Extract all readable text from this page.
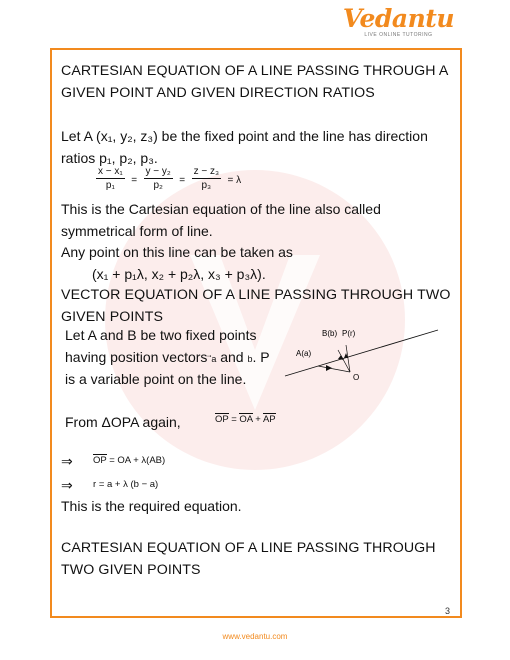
Vedantu
LIVE ONLINE TUTORING
CARTESIAN EQUATION OF A LINE PASSING THROUGH A GIVEN POINT AND GIVEN DIRECTION RATIOS
Let A (x₁, y₂, z₃) be the fixed point and the line has direction ratios p₁, p₂, p₃.
$\frac{\text{x − x₁}}{\text{p₁}} = \frac{\text{y − y₂}}{\text{p₂}} = \frac{\text{z − z₃}}{\text{p₃}} = \lambda$
This is the Cartesian equation of the line also called symmetrical form of line.
Any point on this line can be taken as
(x₁ + p₁λ, x₂ + p₂λ, x₃ + p₃λ).
VECTOR EQUATION OF A LINE PASSING THROUGH TWO GIVEN POINTS
Let A and B be two fixed points
having position vectors a and b. P
is a variable point on the line.
B(b) P(r)
A(a)
O
From ΔOPA again,	OP = OA + AP
⇒ OP = OA + λ(AB)
⇒ r = a + λ (b − a)
This is the required equation.
CARTESIAN EQUATION OF A LINE PASSING THROUGH TWO GIVEN POINTS
3
www.vedantu.com
